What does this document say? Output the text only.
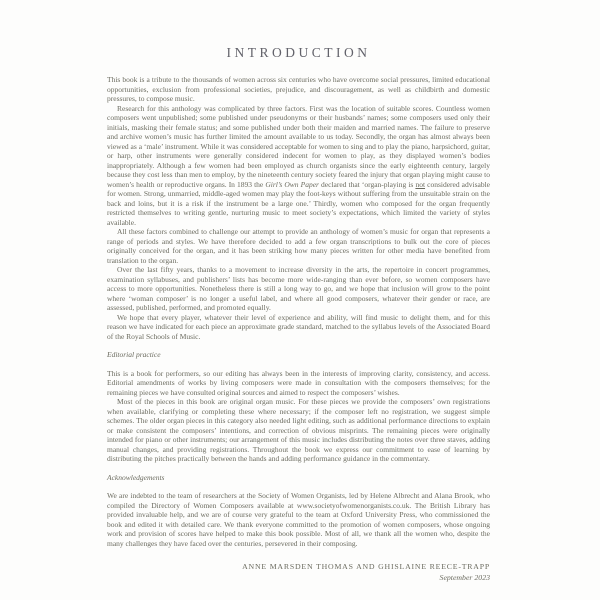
INTRODUCTION
This book is a tribute to the thousands of women across six centuries who have overcome social pressures, limited educational opportunities, exclusion from professional societies, prejudice, and discouragement, as well as childbirth and domestic pressures, to compose music.
Research for this anthology was complicated by three factors. First was the location of suitable scores. Countless women composers went unpublished; some published under pseudonyms or their husbands’ names; some composers used only their initials, masking their female status; and some published under both their maiden and married names. The failure to preserve and archive women’s music has further limited the amount available to us today. Secondly, the organ has almost always been viewed as a ‘male’ instrument. While it was considered acceptable for women to sing and to play the piano, harpsichord, guitar, or harp, other instruments were generally considered indecent for women to play, as they displayed women’s bodies inappropriately. Although a few women had been employed as church organists since the early eighteenth century, largely because they cost less than men to employ, by the nineteenth century society feared the injury that organ playing might cause to women’s health or reproductive organs. In 1893 the Girl’s Own Paper declared that ‘organ-playing is not considered advisable for women. Strong, unmarried, middle-aged women may play the foot-keys without suffering from the unsuitable strain on the back and loins, but it is a risk if the instrument be a large one.’ Thirdly, women who composed for the organ frequently restricted themselves to writing gentle, nurturing music to meet society’s expectations, which limited the variety of styles available.
All these factors combined to challenge our attempt to provide an anthology of women’s music for organ that represents a range of periods and styles. We have therefore decided to add a few organ transcriptions to bulk out the core of pieces originally conceived for the organ, and it has been striking how many pieces written for other media have benefited from translation to the organ.
Over the last fifty years, thanks to a movement to increase diversity in the arts, the repertoire in concert programmes, examination syllabuses, and publishers’ lists has become more wide-ranging than ever before, so women composers have access to more opportunities. Nonetheless there is still a long way to go, and we hope that inclusion will grow to the point where ‘woman composer’ is no longer a useful label, and where all good composers, whatever their gender or race, are assessed, published, performed, and promoted equally.
We hope that every player, whatever their level of experience and ability, will find music to delight them, and for this reason we have indicated for each piece an approximate grade standard, matched to the syllabus levels of the Associated Board of the Royal Schools of Music.
Editorial practice
This is a book for performers, so our editing has always been in the interests of improving clarity, consistency, and access. Editorial amendments of works by living composers were made in consultation with the composers themselves; for the remaining pieces we have consulted original sources and aimed to respect the composers’ wishes.
Most of the pieces in this book are original organ music. For these pieces we provide the composers’ own registrations when available, clarifying or completing these where necessary; if the composer left no registration, we suggest simple schemes. The older organ pieces in this category also needed light editing, such as additional performance directions to explain or make consistent the composers’ intentions, and correction of obvious misprints. The remaining pieces were originally intended for piano or other instruments; our arrangement of this music includes distributing the notes over three staves, adding manual changes, and providing registrations. Throughout the book we express our commitment to ease of learning by distributing the pitches practically between the hands and adding performance guidance in the commentary.
Acknowledgements
We are indebted to the team of researchers at the Society of Women Organists, led by Helene Albrecht and Alana Brook, who compiled the Directory of Women Composers available at www.societyofwomenorganists.co.uk. The British Library has provided invaluable help, and we are of course very grateful to the team at Oxford University Press, who commissioned the book and edited it with detailed care. We thank everyone committed to the promotion of women composers, whose ongoing work and provision of scores have helped to make this book possible. Most of all, we thank all the women who, despite the many challenges they have faced over the centuries, persevered in their composing.
ANNE MARSDEN THOMAS AND GHISLAINE REECE-TRAPP
September 2023
